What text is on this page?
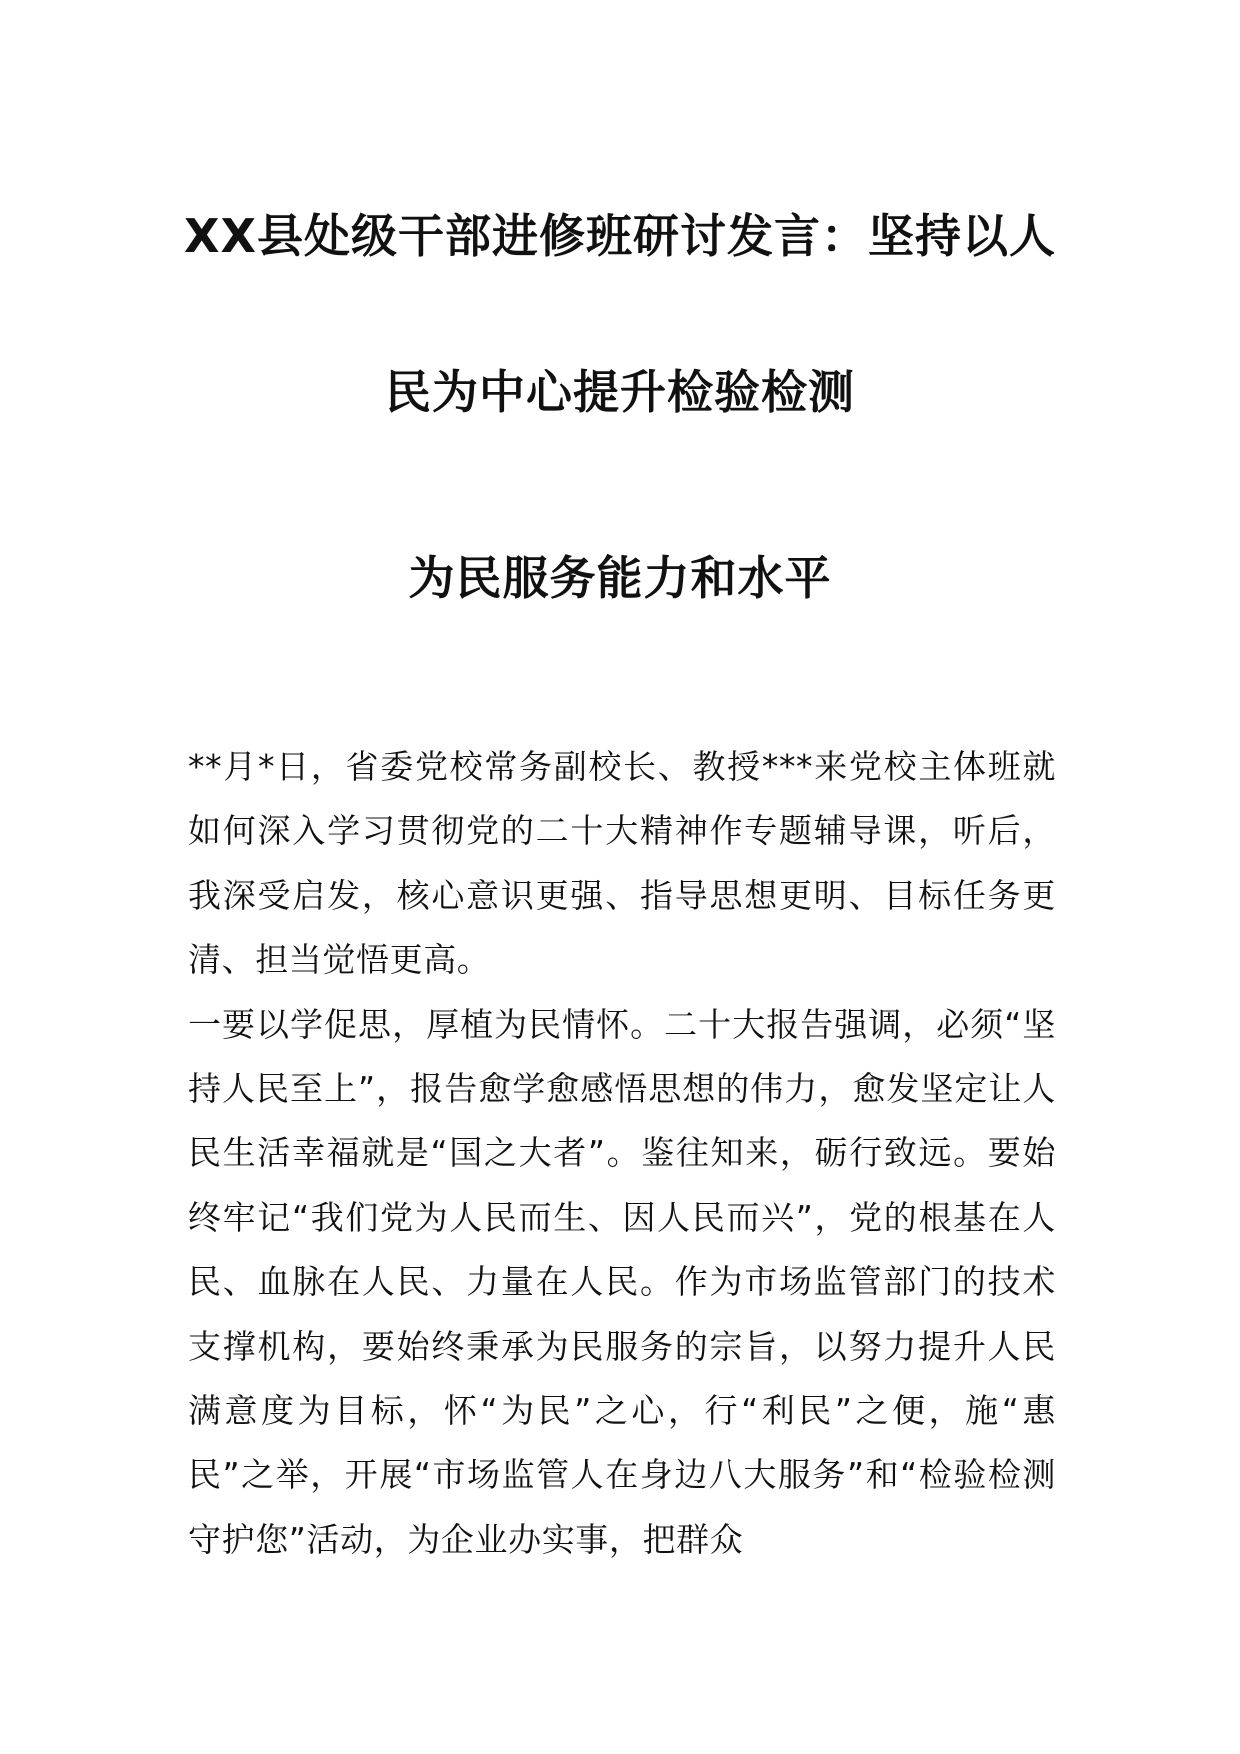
XX县处级干部进修班研讨发言：坚持以人
民为中心提升检验检测
为民服务能力和水平

**月*日，省委党校常务副校长、教授***来党校主体班就如何深入学习贯彻党的二十大精神作专题辅导课，听后，我深受启发，核心意识更强、指导思想更明、目标任务更清、担当觉悟更高。

一要以学促思，厚植为民情怀。二十大报告强调，必须“坚持人民至上”，报告愈学愈感悟思想的伟力，愈发坚定让人民生活幸福就是“国之大者”。鉴往知来，砺行致远。要始终牢记“我们党为人民而生、因人民而兴”，党的根基在人民、血脉在人民、力量在人民。作为市场监管部门的技术支撑机构，要始终秉承为民服务的宗旨，以努力提升人民满意度为目标，怀“为民”之心，行“利民”之便，施“惠民”之举，开展“市场监管人在身边八大服务”和“检验检测守护您”活动，为企业办实事，把群众
